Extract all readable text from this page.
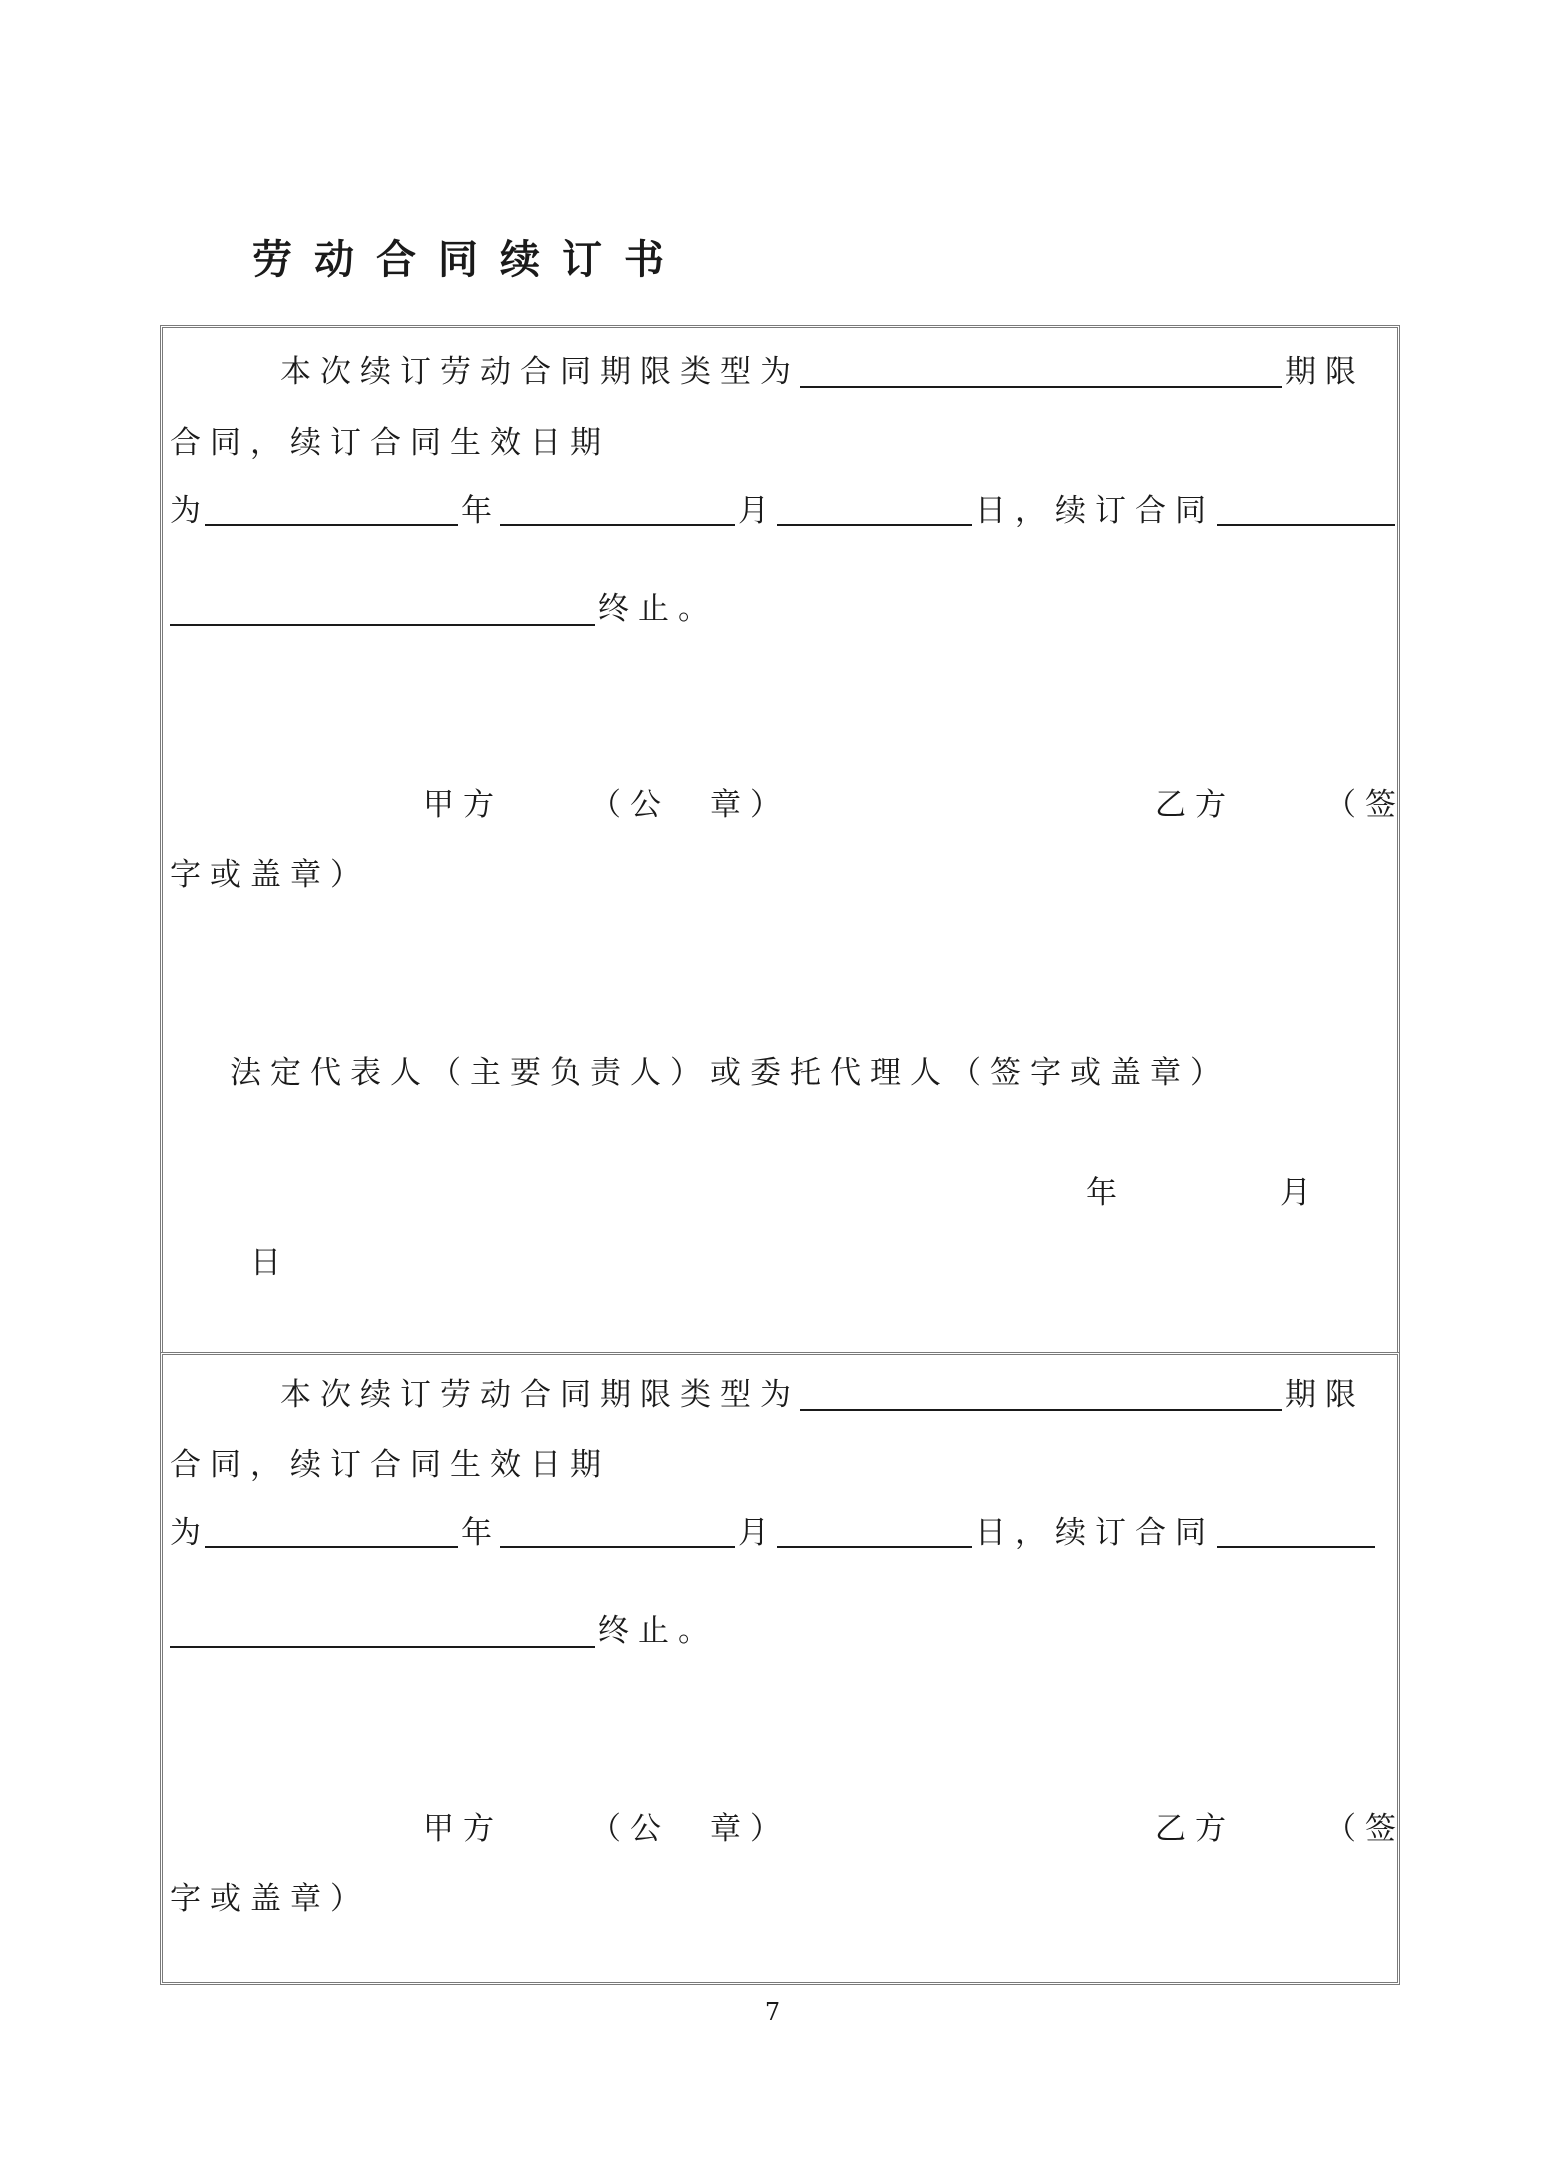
劳动合同续订书
本次续订劳动合同期限类型为	期限
合同，续订合同生效日期
为	年	月	日，续订合同
终止。
甲方	（公　章）	乙方	（签
字或盖章）
法定代表人（主要负责人）或委托代理人（签字或盖章）
年	月
日
本次续订劳动合同期限类型为	期限
合同，续订合同生效日期
为	年	月	日，续订合同
终止。
甲方	（公　章）	乙方	（签
字或盖章）
7
